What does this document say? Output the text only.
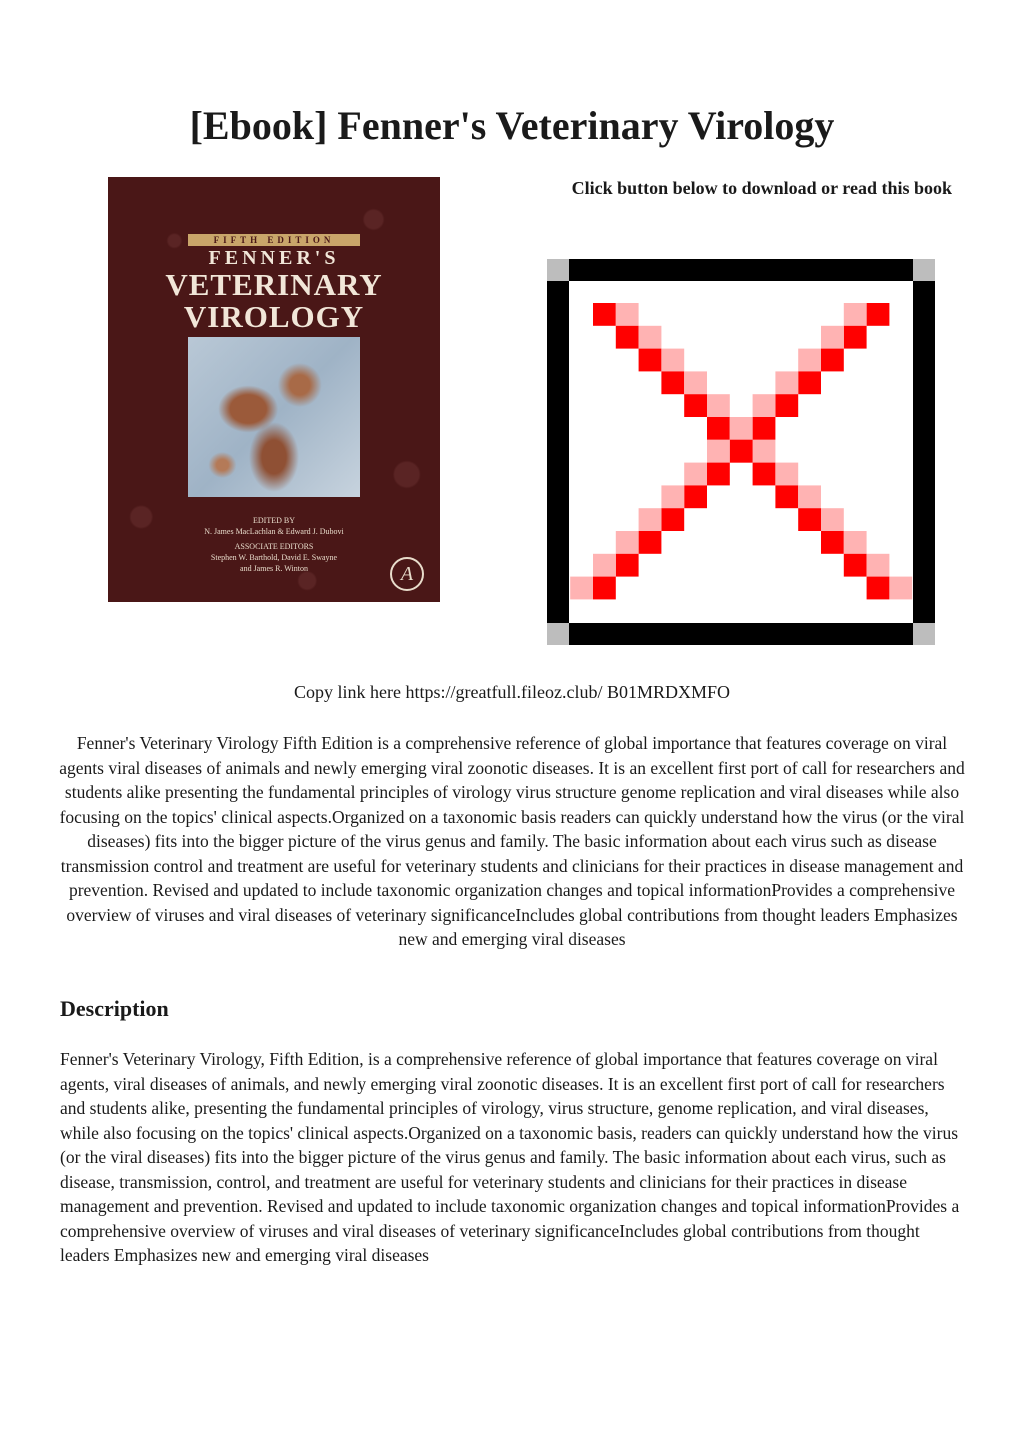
[Ebook] Fenner's Veterinary Virology
FIFTH EDITION
FENNER'S
VETERINARY
VIROLOGY
EDITED BY
N. James MacLachlan & Edward J. Dubovi
ASSOCIATE EDITORS
Stephen W. Barthold, David E. Swayne
and James R. Winton	A

Click button below to download or read this book

Copy link here https://greatfull.fileoz.club/ B01MRDXMFO

Fenner's Veterinary Virology Fifth Edition is a comprehensive reference of global importance that features coverage on viral agents viral diseases of animals and newly emerging viral zoonotic diseases. It is an excellent first port of call for researchers and students alike presenting the fundamental principles of virology virus structure genome replication and viral diseases while also focusing on the topics' clinical aspects.Organized on a taxonomic basis readers can quickly understand how the virus (or the viral diseases) fits into the bigger picture of the virus genus and family. The basic information about each virus such as disease transmission control and treatment are useful for veterinary students and clinicians for their practices in disease management and prevention. Revised and updated to include taxonomic organization changes and topical informationProvides a comprehensive overview of viruses and viral diseases of veterinary significanceIncludes global contributions from thought leaders Emphasizes new and emerging viral diseases

Description

Fenner's Veterinary Virology, Fifth Edition, is a comprehensive reference of global importance that features coverage on viral agents, viral diseases of animals, and newly emerging viral zoonotic diseases. It is an excellent first port of call for researchers and students alike, presenting the fundamental principles of virology, virus structure, genome replication, and viral diseases, while also focusing on the topics' clinical aspects.Organized on a taxonomic basis, readers can quickly understand how the virus (or the viral diseases) fits into the bigger picture of the virus genus and family. The basic information about each virus, such as disease, transmission, control, and treatment are useful for veterinary students and clinicians for their practices in disease management and prevention. Revised and updated to include taxonomic organization changes and topical informationProvides a comprehensive overview of viruses and viral diseases of veterinary significanceIncludes global contributions from thought leaders Emphasizes new and emerging viral diseases
